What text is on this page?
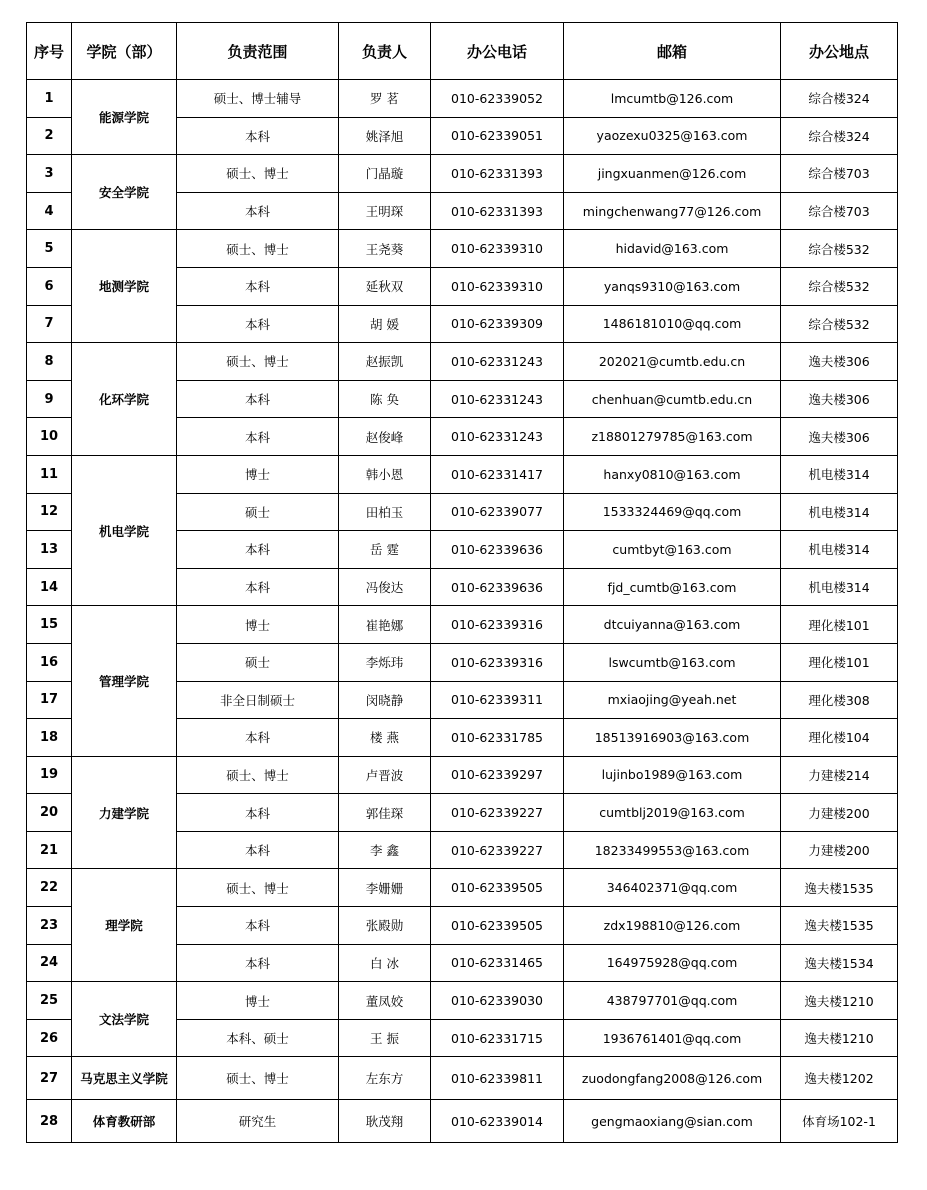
序号	学院（部）	负责范围	负责人	办公电话	邮箱	办公地点
1	能源学院	硕士、博士辅导	罗 茗	010-62339052	lmcumtb@126.com	综合楼324
2		本科	姚泽旭	010-62339051	yaozexu0325@163.com	综合楼324
3	安全学院	硕士、博士	门晶璇	010-62331393	jingxuanmen@126.com	综合楼703
4		本科	王明琛	010-62331393	mingchenwang77@126.com	综合楼703
5	地测学院	硕士、博士	王尧葵	010-62339310	hidavid@163.com	综合楼532
6		本科	延秋双	010-62339310	yanqs9310@163.com	综合楼532
7		本科	胡 媛	010-62339309	1486181010@qq.com	综合楼532
8	化环学院	硕士、博士	赵振凯	010-62331243	202021@cumtb.edu.cn	逸夫楼306
9		本科	陈 奂	010-62331243	chenhuan@cumtb.edu.cn	逸夫楼306
10		本科	赵俊峰	010-62331243	z18801279785@163.com	逸夫楼306
11	机电学院	博士	韩小恩	010-62331417	hanxy0810@163.com	机电楼314
12		硕士	田柏玉	010-62339077	1533324469@qq.com	机电楼314
13		本科	岳 霆	010-62339636	cumtbyt@163.com	机电楼314
14		本科	冯俊达	010-62339636	fjd_cumtb@163.com	机电楼314
15	管理学院	博士	崔艳娜	010-62339316	dtcuiyanna@163.com	理化楼101
16		硕士	李烁玮	010-62339316	lswcumtb@163.com	理化楼101
17		非全日制硕士	闵晓静	010-62339311	mxiaojing@yeah.net	理化楼308
18		本科	楼 燕	010-62331785	18513916903@163.com	理化楼104
19	力建学院	硕士、博士	卢晋波	010-62339297	lujinbo1989@163.com	力建楼214
20		本科	郭佳琛	010-62339227	cumtblj2019@163.com	力建楼200
21		本科	李 鑫	010-62339227	18233499553@163.com	力建楼200
22	理学院	硕士、博士	李姗姗	010-62339505	346402371@qq.com	逸夫楼1535
23		本科	张殿勋	010-62339505	zdx198810@126.com	逸夫楼1535
24		本科	白 冰	010-62331465	164975928@qq.com	逸夫楼1534
25	文法学院	博士	董凤姣	010-62339030	438797701@qq.com	逸夫楼1210
26		本科、硕士	王 振	010-62331715	1936761401@qq.com	逸夫楼1210
27	马克思主义学院	硕士、博士	左东方	010-62339811	zuodongfang2008@126.com	逸夫楼1202
28	体育教研部	研究生	耿茂翔	010-62339014	gengmaoxiang@sian.com	体育场102-1
